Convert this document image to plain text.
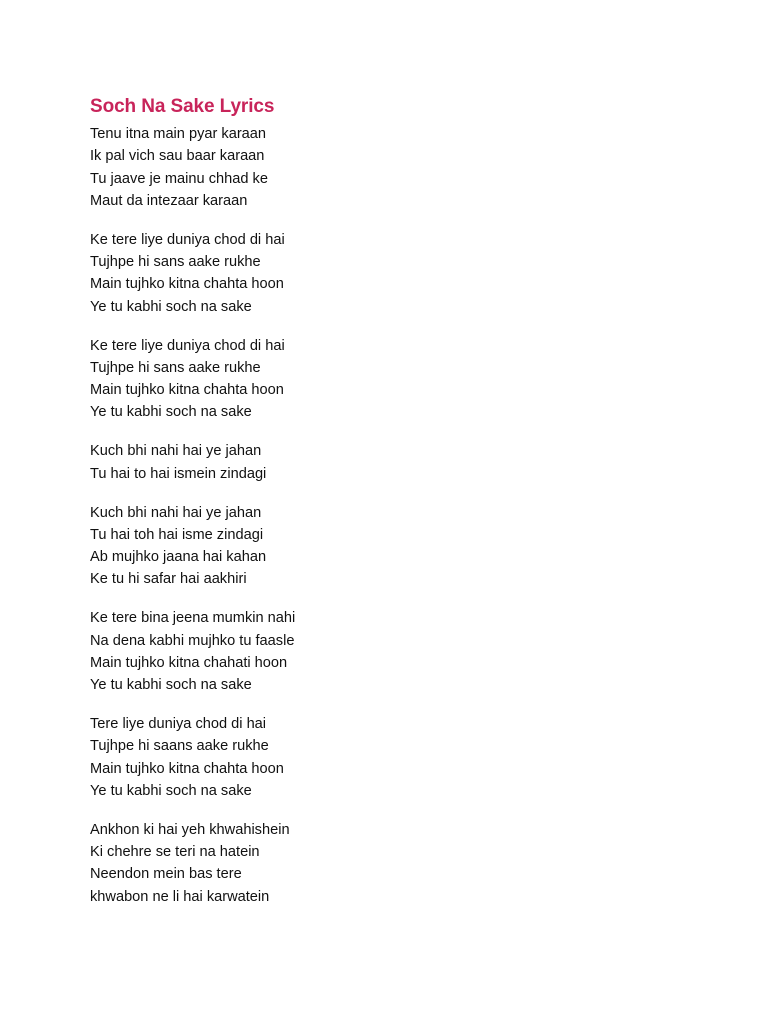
Soch Na Sake Lyrics
Tenu itna main pyar karaan
Ik pal vich sau baar karaan
Tu jaave je mainu chhad ke
Maut da intezaar karaan
Ke tere liye duniya chod di hai
Tujhpe hi sans aake rukhe
Main tujhko kitna chahta hoon
Ye tu kabhi soch na sake
Ke tere liye duniya chod di hai
Tujhpe hi sans aake rukhe
Main tujhko kitna chahta hoon
Ye tu kabhi soch na sake
Kuch bhi nahi hai ye jahan
Tu hai to hai ismein zindagi
Kuch bhi nahi hai ye jahan
Tu hai toh hai isme zindagi
Ab mujhko jaana hai kahan
Ke tu hi safar hai aakhiri
Ke tere bina jeena mumkin nahi
Na dena kabhi mujhko tu faasle
Main tujhko kitna chahati hoon
Ye tu kabhi soch na sake
Tere liye duniya chod di hai
Tujhpe hi saans aake rukhe
Main tujhko kitna chahta hoon
Ye tu kabhi soch na sake
Ankhon ki hai yeh khwahishein
Ki chehre se teri na hatein
Neendon mein bas tere
khwabon ne li hai karwatein
